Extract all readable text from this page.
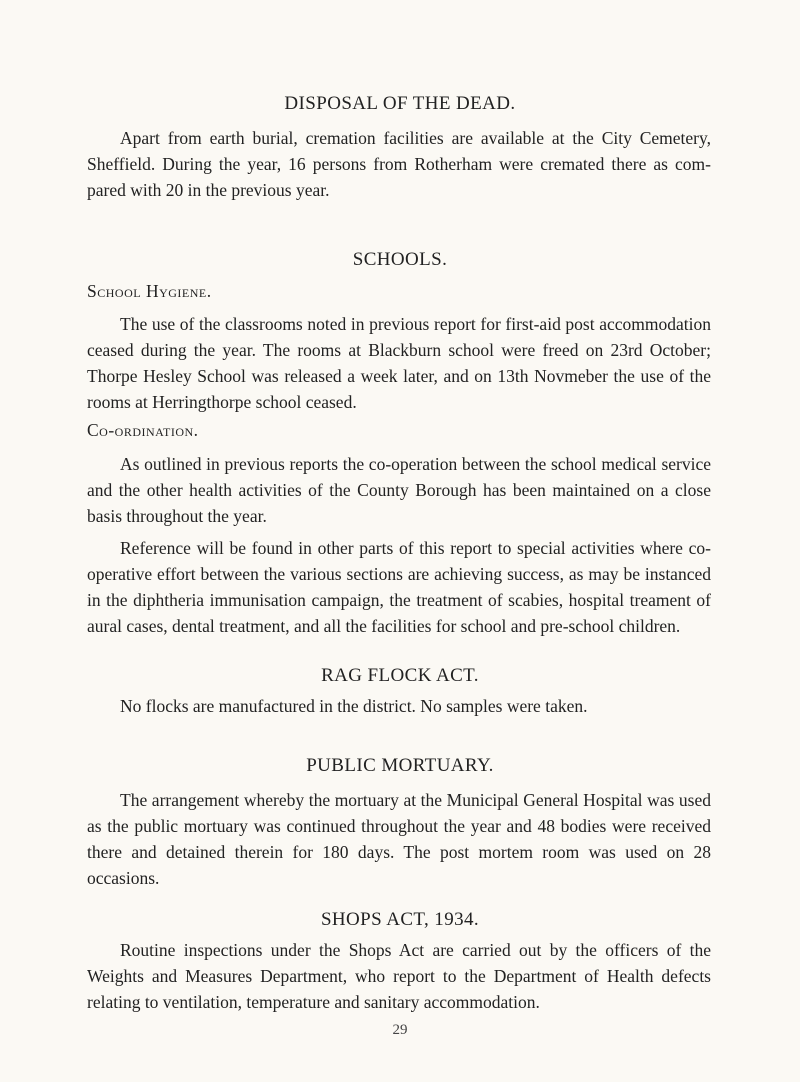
DISPOSAL OF THE DEAD.

Apart from earth burial, cremation facilities are available at the City Cemetery, Sheffield. During the year, 16 persons from Rotherham were cremated there as com- pared with 20 in the previous year.

SCHOOLS.
School Hygiene.

The use of the classrooms noted in previous report for first-aid post accommodation ceased during the year. The rooms at Blackburn school were freed on 23rd October; Thorpe Hesley School was released a week later, and on 13th Novmeber the use of the rooms at Herringthorpe school ceased.

Co-ordination.

As outlined in previous reports the co-operation between the school medical service and the other health activities of the County Borough has been maintained on a close basis throughout the year.

Reference will be found in other parts of this report to special activities where co-operative effort between the various sections are achieving success, as may be instanced in the diphtheria immunisation campaign, the treatment of scabies, hospital treament of aural cases, dental treatment, and all the facilities for school and pre-school children.

RAG FLOCK ACT.

No flocks are manufactured in the district. No samples were taken.

PUBLIC MORTUARY.

The arrangement whereby the mortuary at the Municipal General Hospital was used as the public mortuary was continued throughout the year and 48 bodies were received there and detained therein for 180 days. The post mortem room was used on 28 occasions.

SHOPS ACT, 1934.

Routine inspections under the Shops Act are carried out by the officers of the Weights and Measures Department, who report to the Department of Health defects relating to ventilation, temperature and sanitary accommodation.

29
